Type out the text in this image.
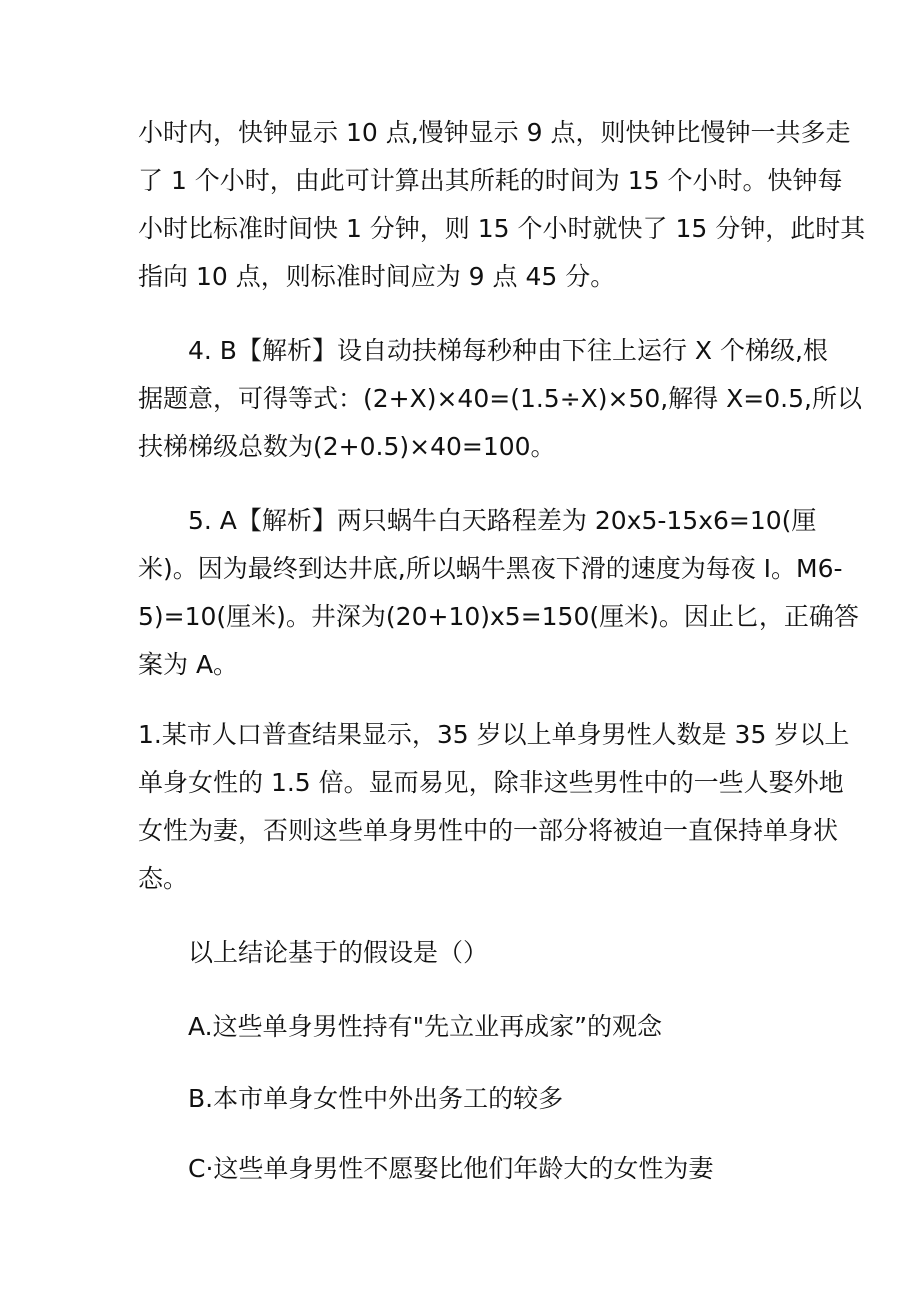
小时内，快钟显示 10 点,慢钟显示 9 点，则快钟比慢钟一共多走
了 1 个小时，由此可计算出其所耗的时间为 15 个小时。快钟每
小时比标准时间快 1 分钟，则 15 个小时就快了 15 分钟，此时其
指向 10 点，则标准时间应为 9 点 45 分。
4. B【解析】设自动扶梯每秒种由下往上运行 X 个梯级,根
据题意，可得等式：(2+X)×40=(1.5÷X)×50,解得 X=0.5,所以
扶梯梯级总数为(2+0.5)×40=100。
5. A【解析】两只蜗牛白天路程差为 20x5-15x6=10(厘
米)。因为最终到达井底,所以蜗牛黑夜下滑的速度为每夜 I。M6-
5)=10(厘米)。井深为(20+10)x5=150(厘米)。因止匕，正确答
案为 A。
1.某市人口普查结果显示，35 岁以上单身男性人数是 35 岁以上
单身女性的 1.5 倍。显而易见，除非这些男性中的一些人娶外地
女性为妻，否则这些单身男性中的一部分将被迫一直保持单身状
态。
以上结论基于的假设是（）
A.这些单身男性持有"先立业再成家”的观念
B.本市单身女性中外出务工的较多
C·这些单身男性不愿娶比他们年龄大的女性为妻
